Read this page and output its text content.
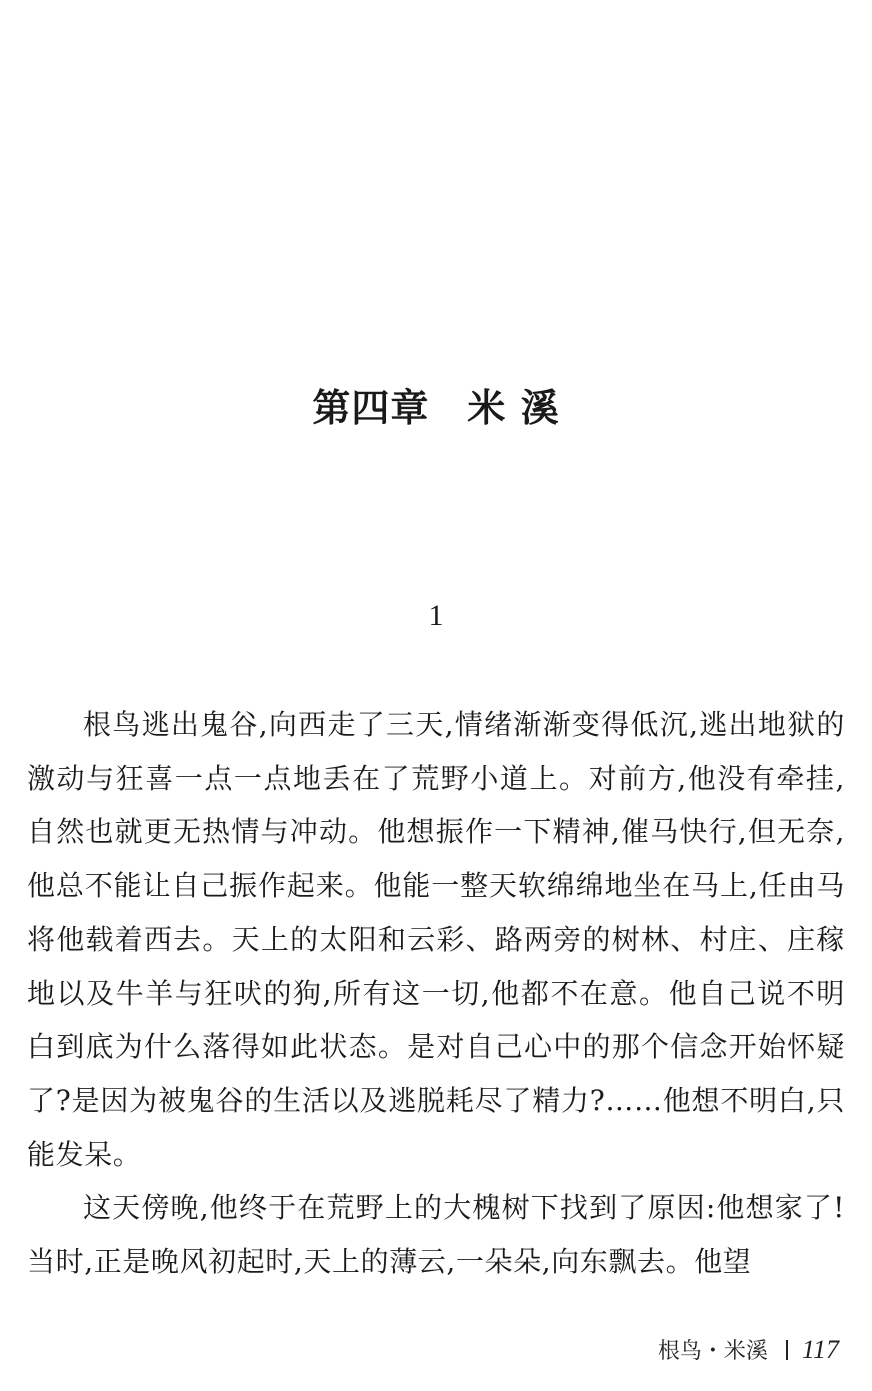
第四章 米 溪
1

根鸟逃出鬼谷,向西走了三天,情绪渐渐变得低沉,逃出地狱的激动与狂喜一点一点地丢在了荒野小道上。对前方,他没有牵挂,自然也就更无热情与冲动。他想振作一下精神,催马快行,但无奈,他总不能让自己振作起来。他能一整天软绵绵地坐在马上,任由马将他载着西去。天上的太阳和云彩、路两旁的树林、村庄、庄稼地以及牛羊与狂吠的狗,所有这一切,他都不在意。他自己说不明白到底为什么落得如此状态。是对自己心中的那个信念开始怀疑了?是因为被鬼谷的生活以及逃脱耗尽了精力?……他想不明白,只能发呆。

这天傍晚,他终于在荒野上的大槐树下找到了原因:他想家了!当时,正是晚风初起时,天上的薄云,一朵朵,向东飘去。他望

根鸟・米溪 117
